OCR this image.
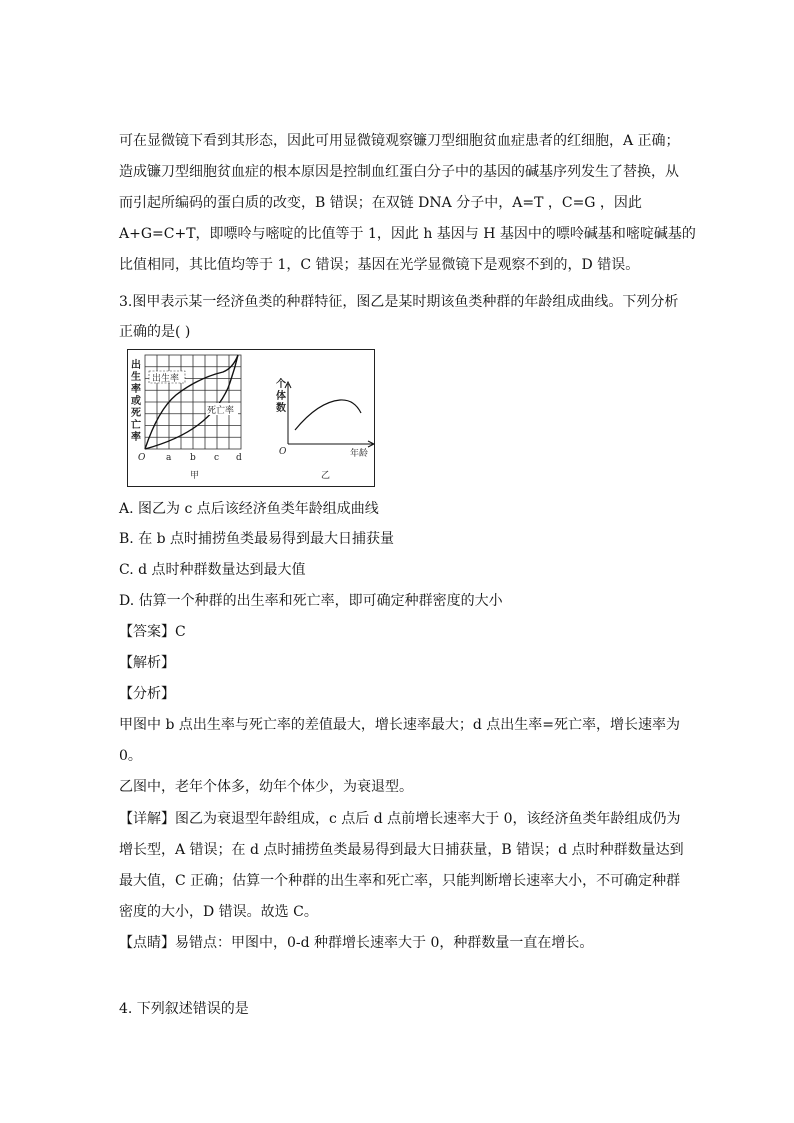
可在显微镜下看到其形态，因此可用显微镜观察镰刀型细胞贫血症患者的红细胞，A 正确；
造成镰刀型细胞贫血症的根本原因是控制血红蛋白分子中的基因的碱基序列发生了替换，从
而引起所编码的蛋白质的改变，B 错误；在双链 DNA 分子中，A=T ，C=G ，因此
A+G=C+T，即嘌呤与嘧啶的比值等于 1，因此 h 基因与 H 基因中的嘌呤碱基和嘧啶碱基的
比值相同，其比值均等于 1，C 错误；基因在光学显微镜下是观察不到的，D 错误。
3.图甲表示某一经济鱼类的种群特征，图乙是某时期该鱼类种群的年龄组成曲线。下列分析
正确的是( )
出
生
率
或
死
亡
率
出生率
死亡率
O a b c d
甲
个
体
数
O	年龄
乙
A. 图乙为 c 点后该经济鱼类年龄组成曲线
B. 在 b 点时捕捞鱼类最易得到最大日捕获量
C. d 点时种群数量达到最大值
D. 估算一个种群的出生率和死亡率，即可确定种群密度的大小
【答案】C
【解析】
【分析】
甲图中 b 点出生率与死亡率的差值最大，增长速率最大；d 点出生率=死亡率，增长速率为
0。
乙图中，老年个体多，幼年个体少，为衰退型。
【详解】图乙为衰退型年龄组成，c 点后 d 点前增长速率大于 0，该经济鱼类年龄组成仍为
增长型，A 错误；在 d 点时捕捞鱼类最易得到最大日捕获量，B 错误；d 点时种群数量达到
最大值，C 正确；估算一个种群的出生率和死亡率，只能判断增长速率大小，不可确定种群
密度的大小，D 错误。故选 C。
【点睛】易错点：甲图中，0-d 种群增长速率大于 0，种群数量一直在增长。
4. 下列叙述错误的是
